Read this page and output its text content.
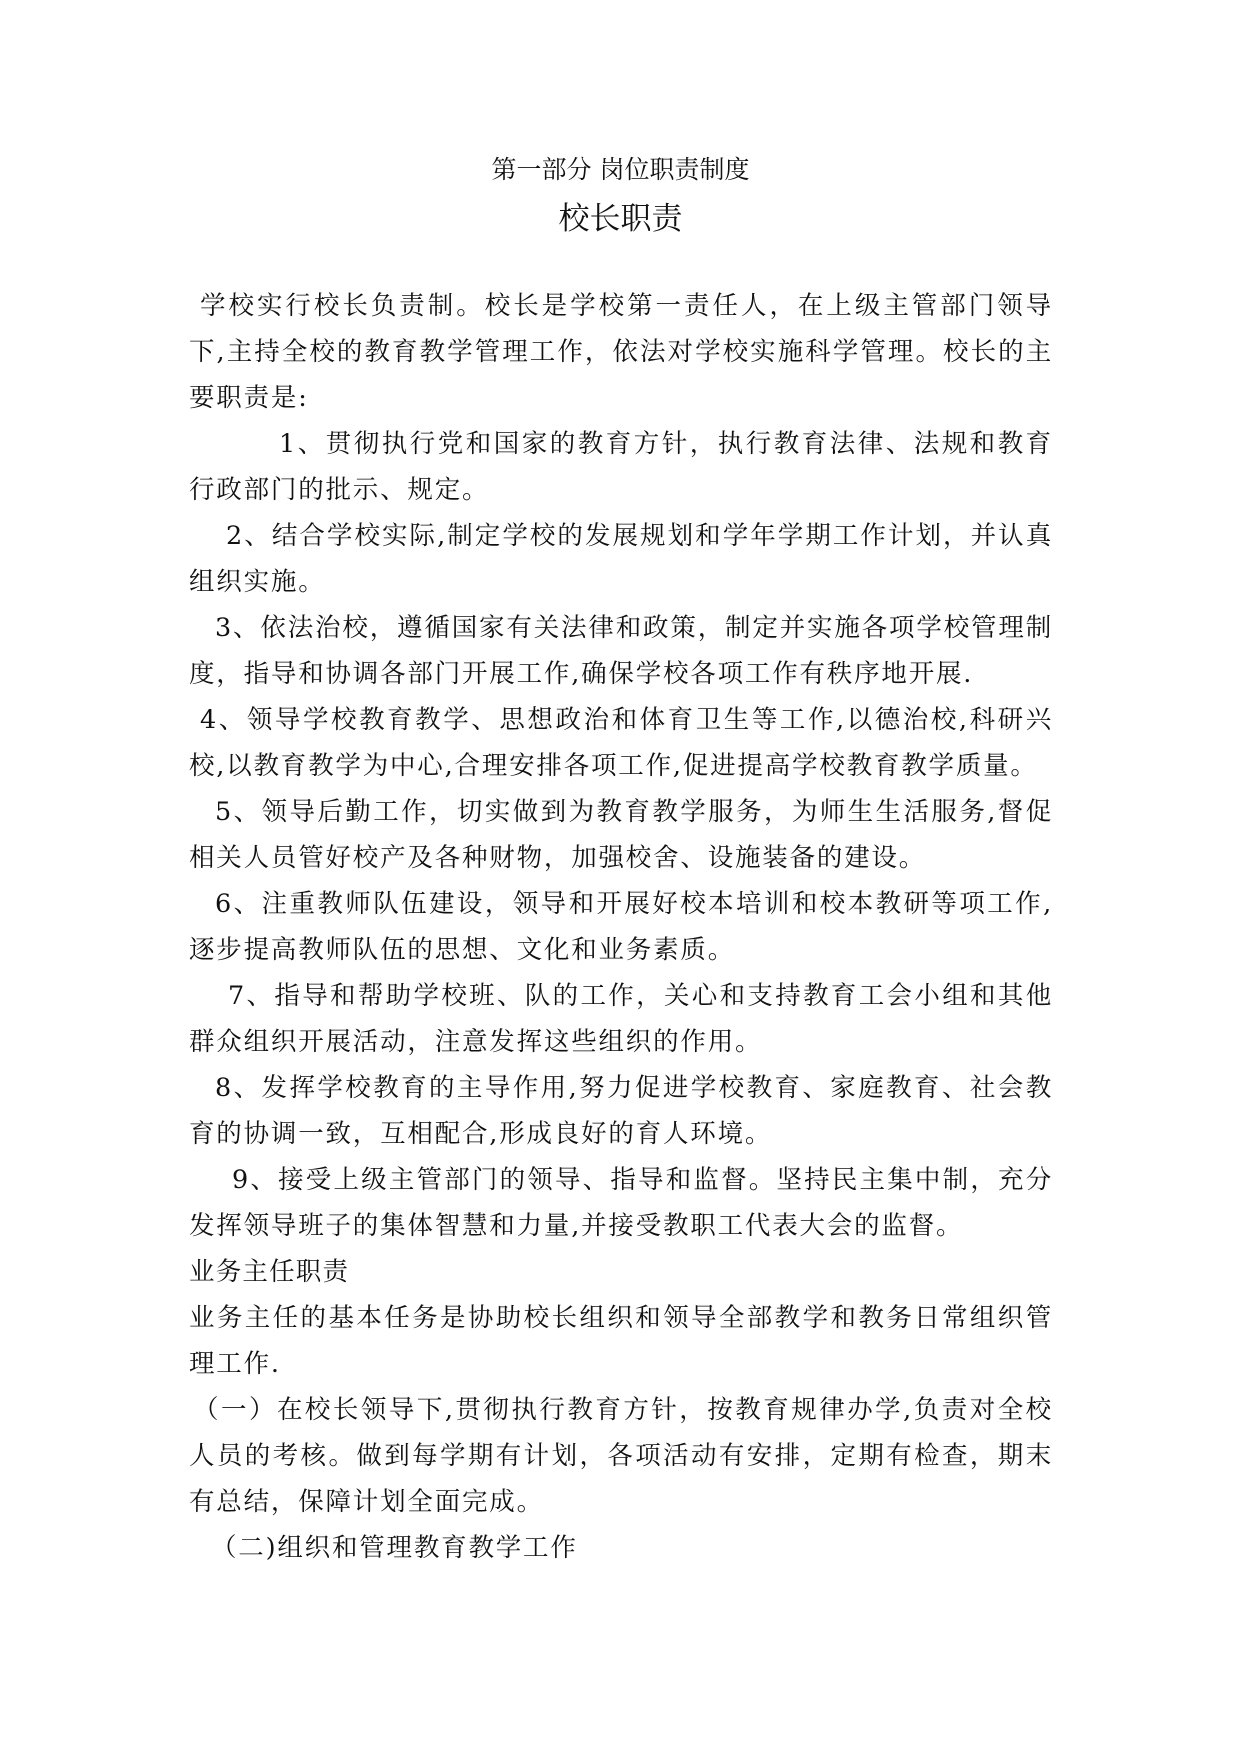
第一部分 岗位职责制度
校长职责

学校实行校长负责制。校长是学校第一责任人，在上级主管部门领导下,主持全校的教育教学管理工作，依法对学校实施科学管理。校长的主要职责是:

1、贯彻执行党和国家的教育方针，执行教育法律、法规和教育行政部门的批示、规定。

2、结合学校实际,制定学校的发展规划和学年学期工作计划，并认真组织实施。

3、依法治校，遵循国家有关法律和政策，制定并实施各项学校管理制度，指导和协调各部门开展工作,确保学校各项工作有秩序地开展.

4、领导学校教育教学、思想政治和体育卫生等工作,以德治校,科研兴校,以教育教学为中心,合理安排各项工作,促进提高学校教育教学质量。

5、领导后勤工作，切实做到为教育教学服务，为师生生活服务,督促相关人员管好校产及各种财物，加强校舍、设施装备的建设。

6、注重教师队伍建设，领导和开展好校本培训和校本教研等项工作,逐步提高教师队伍的思想、文化和业务素质。

7、指导和帮助学校班、队的工作，关心和支持教育工会小组和其他群众组织开展活动，注意发挥这些组织的作用。

8、发挥学校教育的主导作用,努力促进学校教育、家庭教育、社会教育的协调一致，互相配合,形成良好的育人环境。

9、接受上级主管部门的领导、指导和监督。坚持民主集中制，充分发挥领导班子的集体智慧和力量,并接受教职工代表大会的监督。

业务主任职责

业务主任的基本任务是协助校长组织和领导全部教学和教务日常组织管理工作.

（一）在校长领导下,贯彻执行教育方针，按教育规律办学,负责对全校人员的考核。做到每学期有计划，各项活动有安排，定期有检查，期末有总结，保障计划全面完成。

（二)组织和管理教育教学工作
